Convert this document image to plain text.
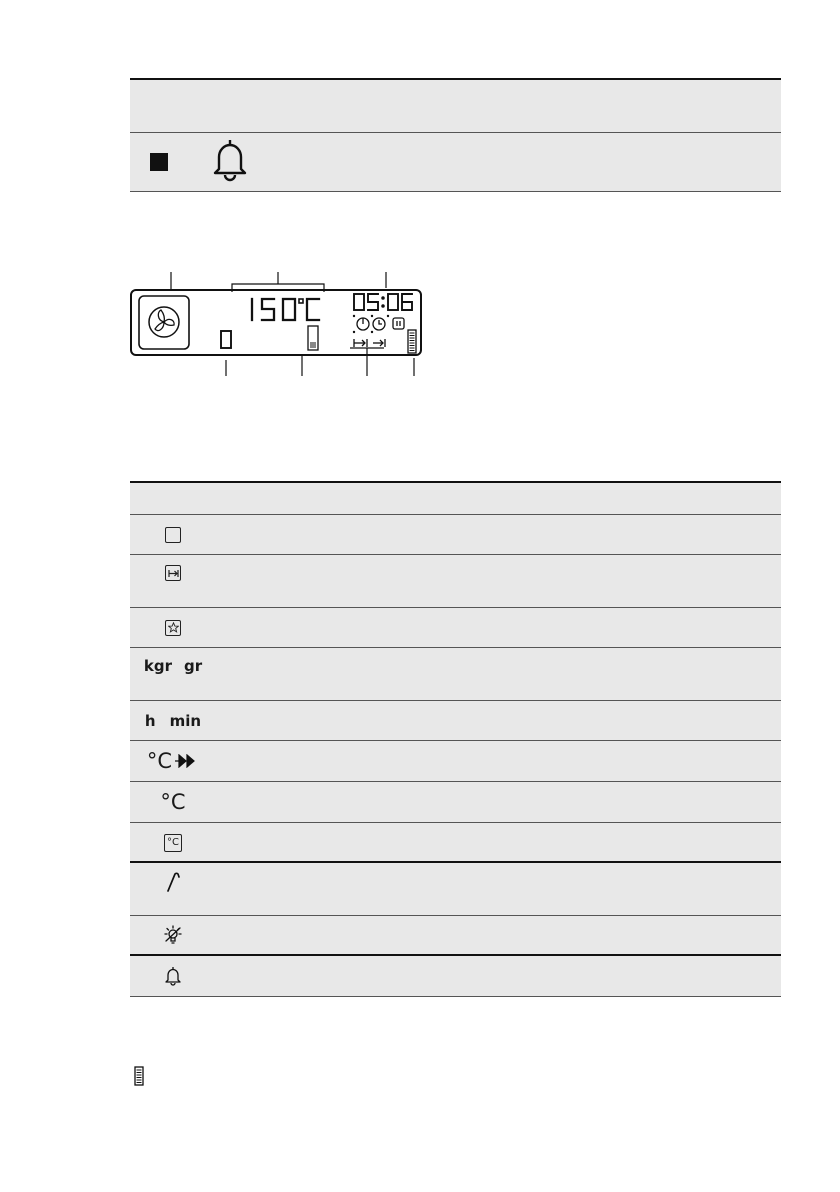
kgr gr
h min
°C
°C
°C
